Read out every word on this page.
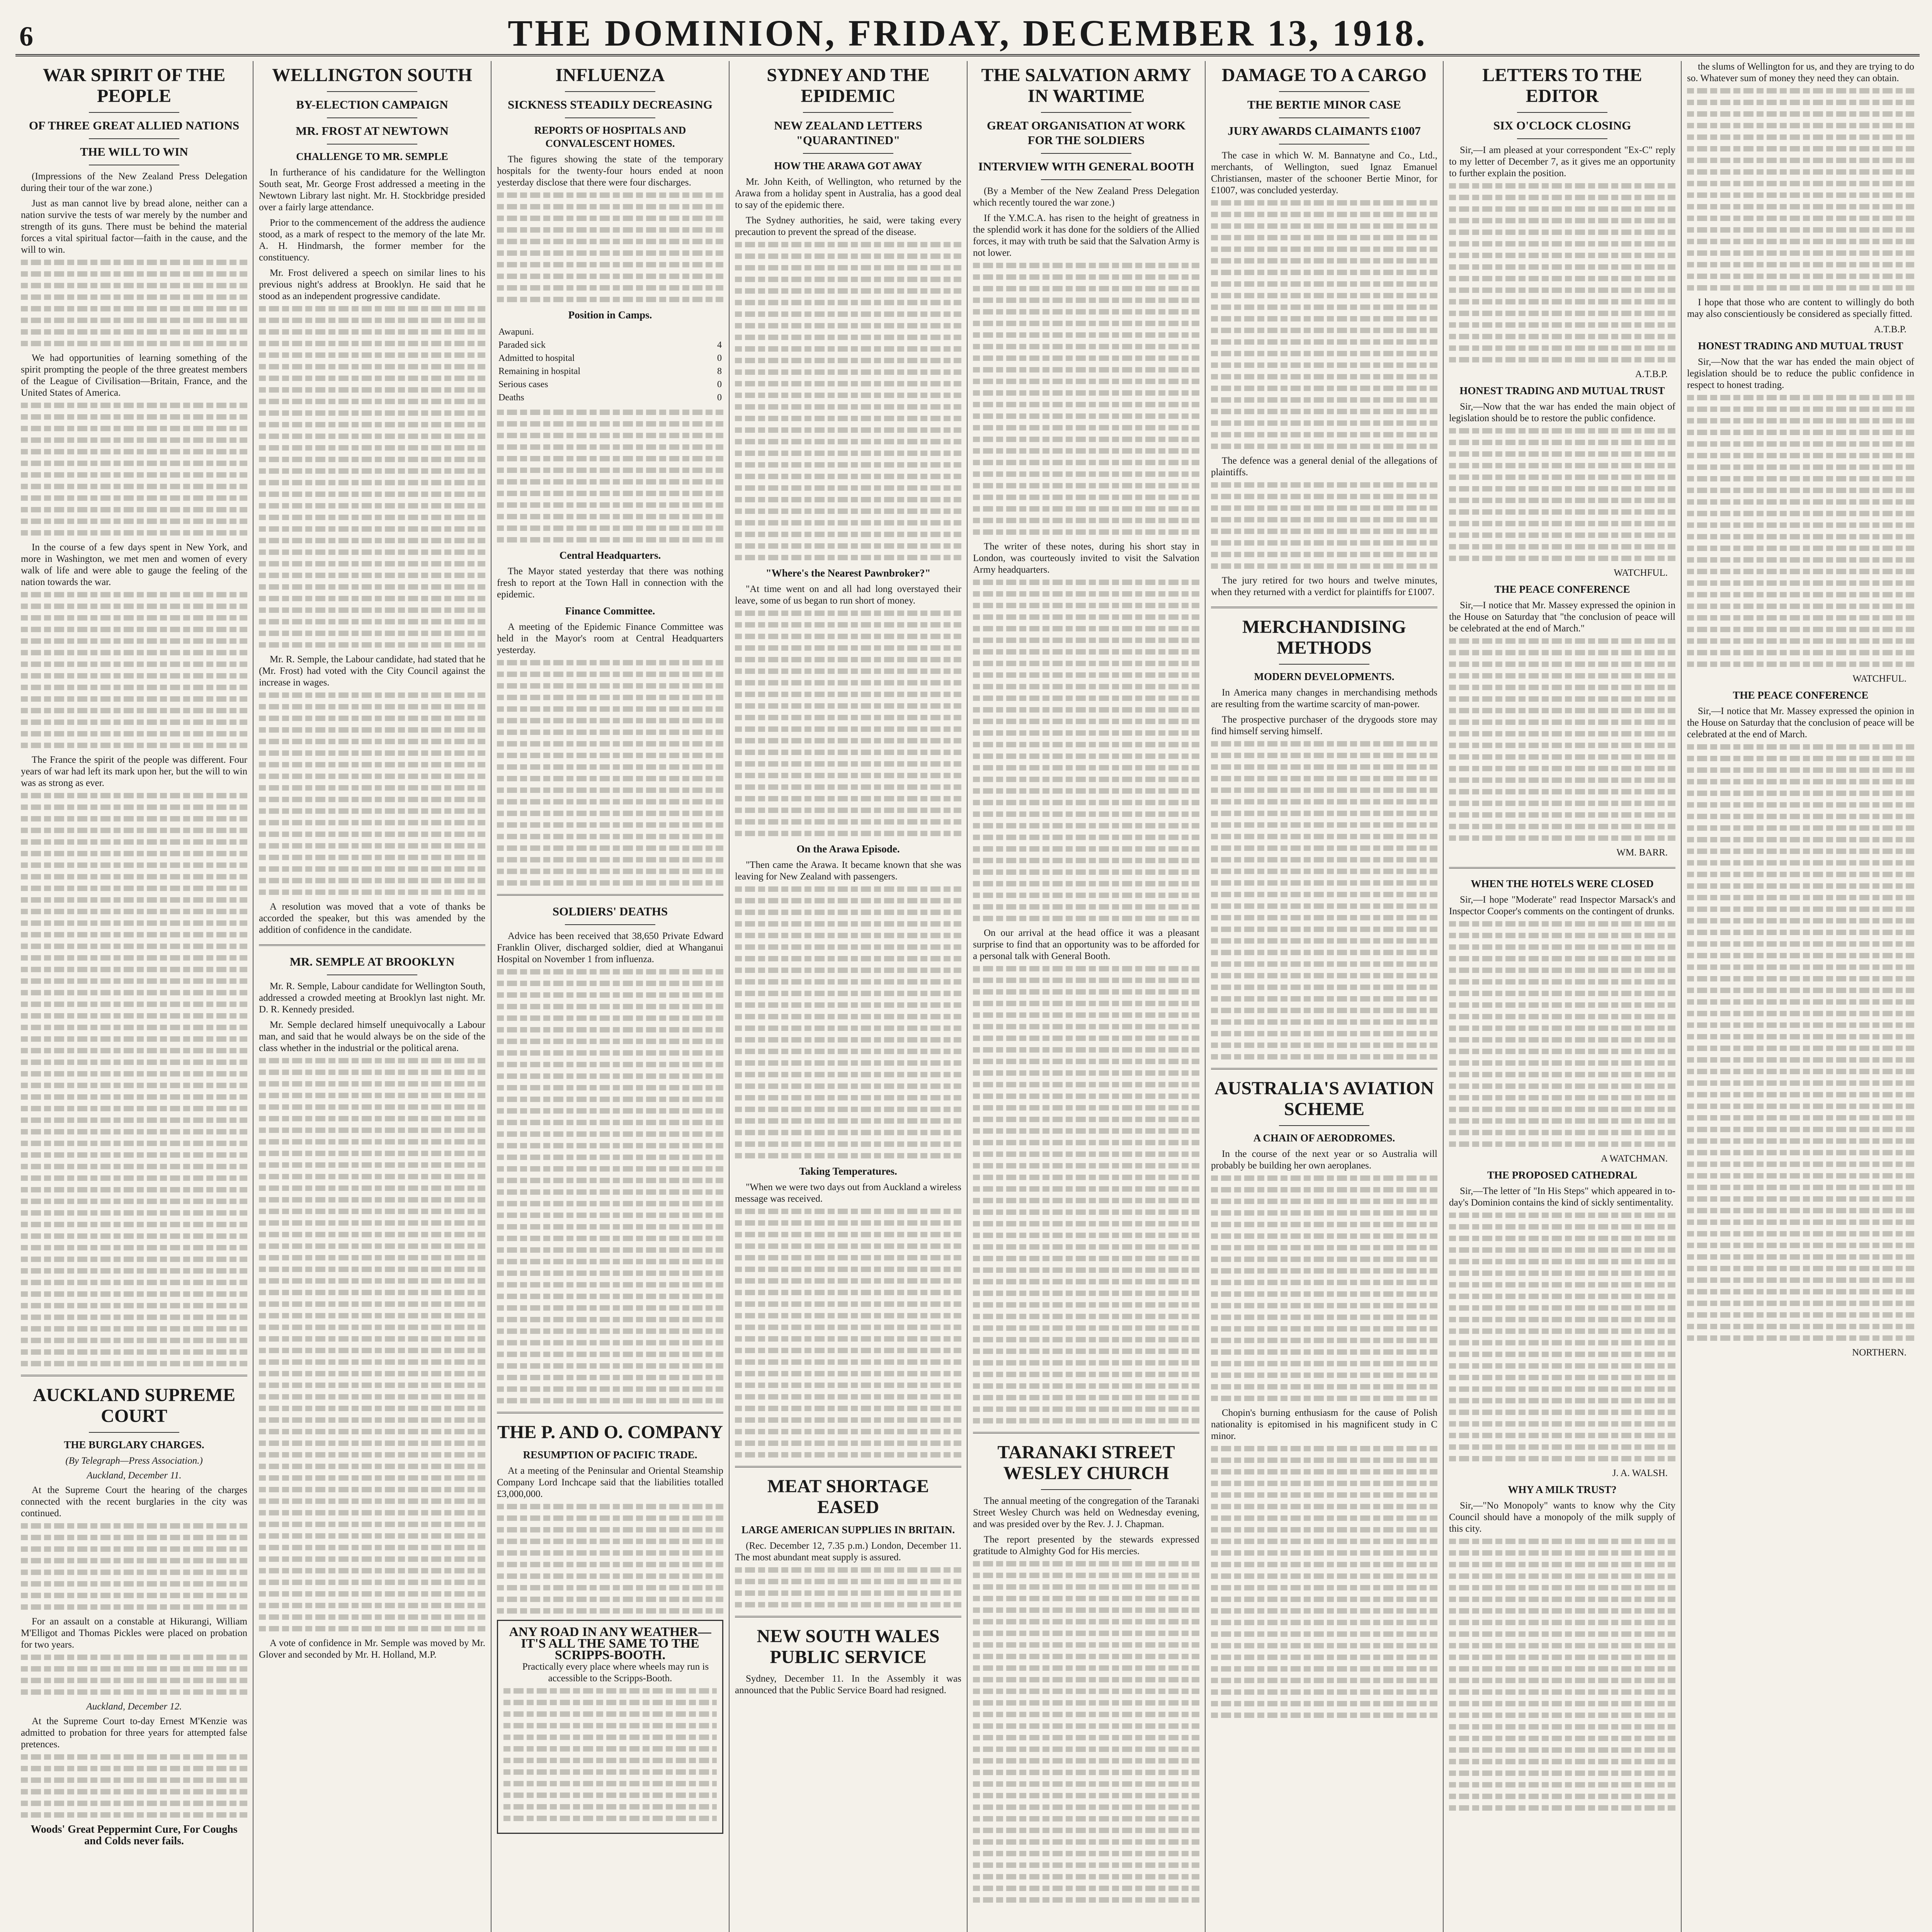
6	THE DOMINION, FRIDAY, DECEMBER 13, 1918.
WAR SPIRIT OF THE PEOPLE
OF THREE GREAT ALLIED NATIONS
THE WILL TO WIN

(Impressions of the New Zealand Press Delegation during their tour of the war zone.)

Just as man cannot live by bread alone, neither can a nation survive the tests of war merely by the number and strength of its guns. There must be behind the material forces a vital spiritual factor—faith in the cause, and the will to win.

We had opportunities of learning something of the spirit prompting the people of the three greatest members of the League of Civilisation—Britain, France, and the United States of America.

In the course of a few days spent in New York, and more in Washington, we met men and women of every walk of life and were able to gauge the feeling of the nation towards the war.

The France the spirit of the people was different. Four years of war had left its mark upon her, but the will to win was as strong as ever.

AUCKLAND SUPREME COURT
THE BURGLARY CHARGES.
(By Telegraph—Press Association.)
Auckland, December 11.

At the Supreme Court the hearing of the charges connected with the recent burglaries in the city was continued.

For an assault on a constable at Hikurangi, William M'Elligot and Thomas Pickles were placed on probation for two years.

Auckland, December 12.

At the Supreme Court to-day Ernest M'Kenzie was admitted to probation for three years for attempted false pretences.

Woods' Great Peppermint Cure, For Coughs and Colds never fails.
WELLINGTON SOUTH
BY-ELECTION CAMPAIGN
MR. FROST AT NEWTOWN
CHALLENGE TO MR. SEMPLE

In furtherance of his candidature for the Wellington South seat, Mr. George Frost addressed a meeting in the Newtown Library last night. Mr. H. Stockbridge presided over a fairly large attendance.

Prior to the commencement of the address the audience stood, as a mark of respect to the memory of the late Mr. A. H. Hindmarsh, the former member for the constituency.

Mr. Frost delivered a speech on similar lines to his previous night's address at Brooklyn. He said that he stood as an independent progressive candidate.

Mr. R. Semple, the Labour candidate, had stated that he (Mr. Frost) had voted with the City Council against the increase in wages.

A resolution was moved that a vote of thanks be accorded the speaker, but this was amended by the addition of confidence in the candidate.

MR. SEMPLE AT BROOKLYN

Mr. R. Semple, Labour candidate for Wellington South, addressed a crowded meeting at Brooklyn last night. Mr. D. R. Kennedy presided.

Mr. Semple declared himself unequivocally a Labour man, and said that he would always be on the side of the class whether in the industrial or the political arena.

A vote of confidence in Mr. Semple was moved by Mr. Glover and seconded by Mr. H. Holland, M.P.

INFLUENZA
SICKNESS STEADILY DECREASING
REPORTS OF HOSPITALS AND CONVALESCENT HOMES.

The figures showing the state of the temporary hospitals for the twenty-four hours ended at noon yesterday disclose that there were four discharges.

Position in Camps.
Awapuni.	
Paraded sick	4
Admitted to hospital	0
Remaining in hospital	8
Serious cases	0
Deaths	0
Central Headquarters.

The Mayor stated yesterday that there was nothing fresh to report at the Town Hall in connection with the epidemic.

Finance Committee.

A meeting of the Epidemic Finance Committee was held in the Mayor's room at Central Headquarters yesterday.

SOLDIERS' DEATHS

Advice has been received that 38,650 Private Edward Franklin Oliver, discharged soldier, died at Whanganui Hospital on November 1 from influenza.

THE P. AND O. COMPANY
RESUMPTION OF PACIFIC TRADE.

At a meeting of the Peninsular and Oriental Steamship Company Lord Inchcape said that the liabilities totalled £3,000,000.

ANY ROAD IN ANY WEATHER—IT'S ALL THE SAME TO THE SCRIPPS-BOOTH.

Practically every place where wheels may run is accessible to the Scripps-Booth.

SYDNEY AND THE EPIDEMIC
NEW ZEALAND LETTERS "QUARANTINED"
HOW THE ARAWA GOT AWAY

Mr. John Keith, of Wellington, who returned by the Arawa from a holiday spent in Australia, has a good deal to say of the epidemic there.

The Sydney authorities, he said, were taking every precaution to prevent the spread of the disease.

"Where's the Nearest Pawnbroker?"

"At time went on and all had long overstayed their leave, some of us began to run short of money.

On the Arawa Episode.

"Then came the Arawa. It became known that she was leaving for New Zealand with passengers.

Taking Temperatures.

"When we were two days out from Auckland a wireless message was received.

MEAT SHORTAGE EASED
LARGE AMERICAN SUPPLIES IN BRITAIN.

(Rec. December 12, 7.35 p.m.) London, December 11. The most abundant meat supply is assured.

NEW SOUTH WALES PUBLIC SERVICE

Sydney, December 11. In the Assembly it was announced that the Public Service Board had resigned.

THE SALVATION ARMY IN WARTIME
GREAT ORGANISATION AT WORK FOR THE SOLDIERS
INTERVIEW WITH GENERAL BOOTH

(By a Member of the New Zealand Press Delegation which recently toured the war zone.)

If the Y.M.C.A. has risen to the height of greatness in the splendid work it has done for the soldiers of the Allied forces, it may with truth be said that the Salvation Army is not lower.

The writer of these notes, during his short stay in London, was courteously invited to visit the Salvation Army headquarters.

On our arrival at the head office it was a pleasant surprise to find that an opportunity was to be afforded for a personal talk with General Booth.

TARANAKI STREET WESLEY CHURCH

The annual meeting of the congregation of the Taranaki Street Wesley Church was held on Wednesday evening, and was presided over by the Rev. J. J. Chapman.

The report presented by the stewards expressed gratitude to Almighty God for His mercies.

DAMAGE TO A CARGO
THE BERTIE MINOR CASE
JURY AWARDS CLAIMANTS £1007

The case in which W. M. Bannatyne and Co., Ltd., merchants, of Wellington, sued Ignaz Emanuel Christiansen, master of the schooner Bertie Minor, for £1007, was concluded yesterday.

The defence was a general denial of the allegations of plaintiffs.

The jury retired for two hours and twelve minutes, when they returned with a verdict for plaintiffs for £1007.

MERCHANDISING METHODS
MODERN DEVELOPMENTS.

In America many changes in merchandising methods are resulting from the wartime scarcity of man-power.

The prospective purchaser of the drygoods store may find himself serving himself.

AUSTRALIA'S AVIATION SCHEME
A CHAIN OF AERODROMES.

In the course of the next year or so Australia will probably be building her own aeroplanes.

Chopin's burning enthusiasm for the cause of Polish nationality is epitomised in his magnificent study in C minor.

LETTERS TO THE EDITOR
SIX O'CLOCK CLOSING

Sir,—I am pleased at your correspondent "Ex-C" reply to my letter of December 7, as it gives me an opportunity to further explain the position.

A.T.B.P.
HONEST TRADING AND MUTUAL TRUST

Sir,—Now that the war has ended the main object of legislation should be to restore the public confidence.

WATCHFUL.
THE PEACE CONFERENCE

Sir,—I notice that Mr. Massey expressed the opinion in the House on Saturday that "the conclusion of peace will be celebrated at the end of March."

WM. BARR.
WHEN THE HOTELS WERE CLOSED

Sir,—I hope "Moderate" read Inspector Marsack's and Inspector Cooper's comments on the contingent of drunks.

A WATCHMAN.
THE PROPOSED CATHEDRAL

Sir,—The letter of "In His Steps" which appeared in to-day's Dominion contains the kind of sickly sentimentality.

J. A. WALSH.
WHY A MILK TRUST?

Sir,—"No Monopoly" wants to know why the City Council should have a monopoly of the milk supply of this city.

the slums of Wellington for us, and they are trying to do so. Whatever sum of money they need they can obtain.

I hope that those who are content to willingly do both may also conscientiously be considered as specially fitted.

A.T.B.P.
HONEST TRADING AND MUTUAL TRUST

Sir,—Now that the war has ended the main object of legislation should be to reduce the public confidence in respect to honest trading.

WATCHFUL.
THE PEACE CONFERENCE

Sir,—I notice that Mr. Massey expressed the opinion in the House on Saturday that the conclusion of peace will be celebrated at the end of March.

NORTHERN.
